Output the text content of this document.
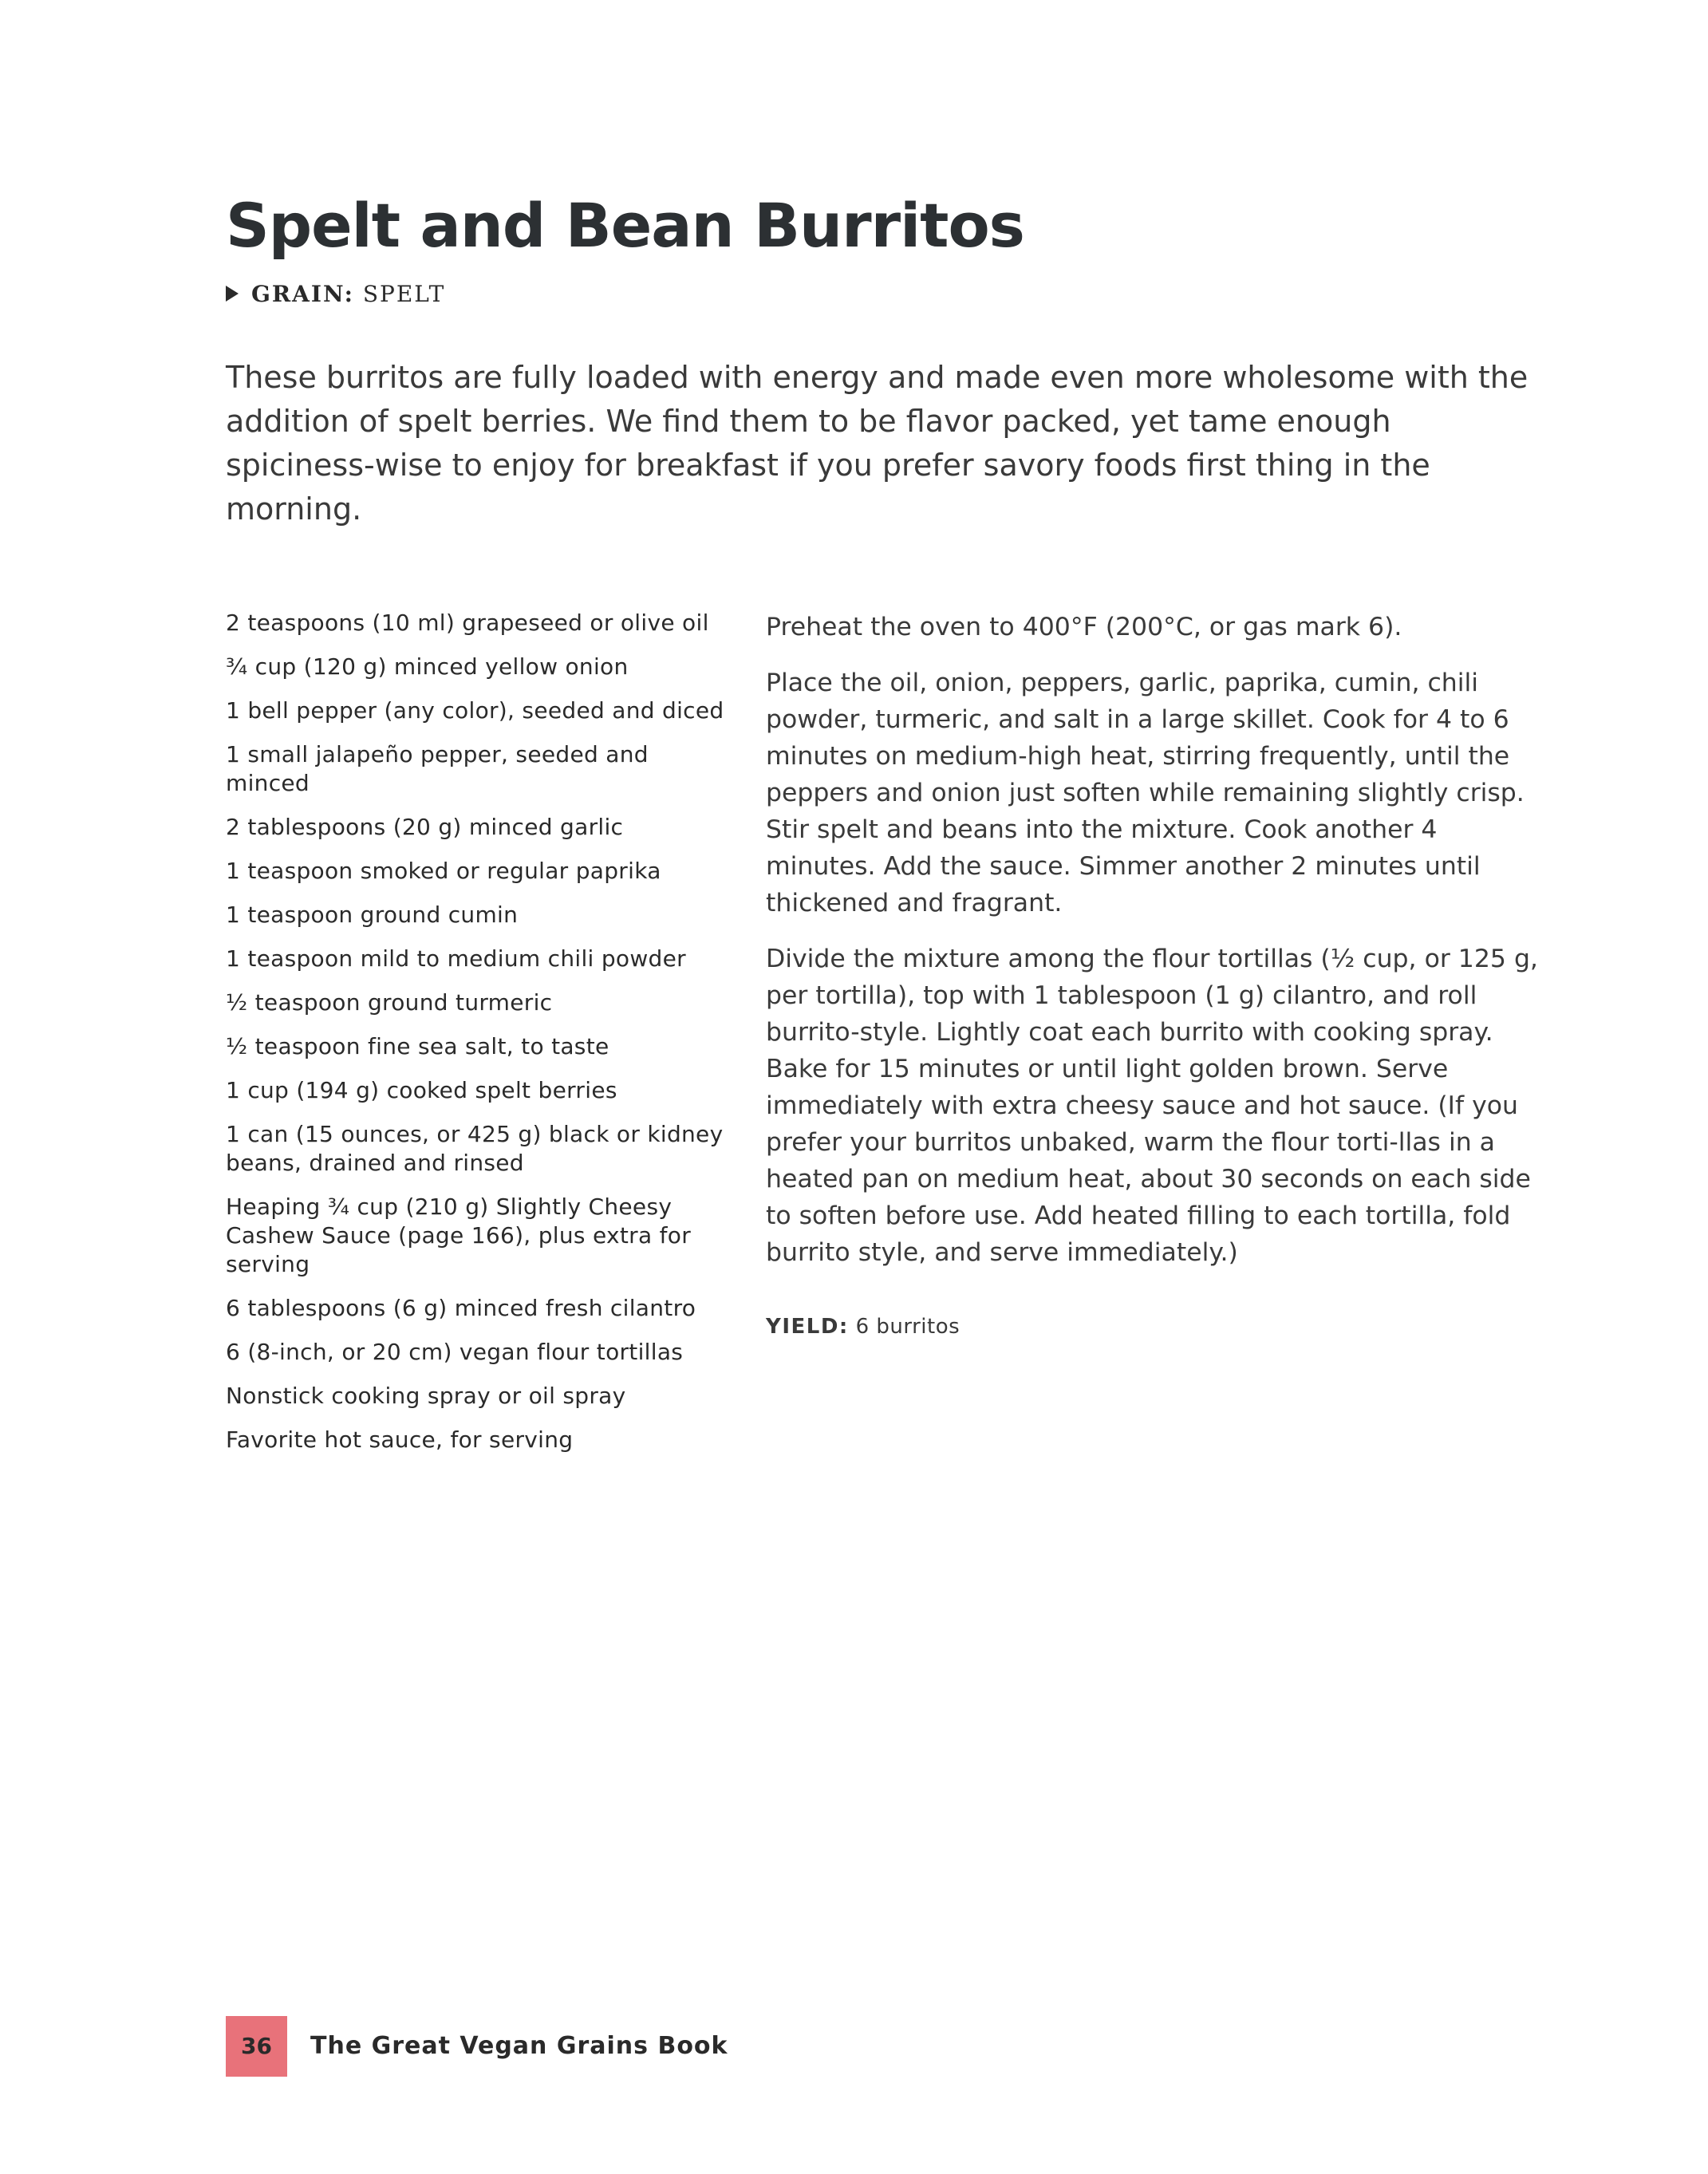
Spelt and Bean Burritos
GRAIN: SPELT

These burritos are fully loaded with energy and made even more wholesome with the addition of spelt berries. We find them to be flavor packed, yet tame enough spiciness-wise to enjoy for breakfast if you prefer savory foods first thing in the morning.

2 teaspoons (10 ml) grapeseed or olive oil
¾ cup (120 g) minced yellow onion
1 bell pepper (any color), seeded and diced
1 small jalapeño pepper, seeded and minced
2 tablespoons (20 g) minced garlic
1 teaspoon smoked or regular paprika
1 teaspoon ground cumin
1 teaspoon mild to medium chili powder
½ teaspoon ground turmeric
½ teaspoon fine sea salt, to taste
1 cup (194 g) cooked spelt berries
1 can (15 ounces, or 425 g) black or kidney beans, drained and rinsed
Heaping ¾ cup (210 g) Slightly Cheesy Cashew Sauce (page 166), plus extra for serving
6 tablespoons (6 g) minced fresh cilantro
6 (8-inch, or 20 cm) vegan flour tortillas
Nonstick cooking spray or oil spray
Favorite hot sauce, for serving

Preheat the oven to 400°F (200°C, or gas mark 6).

Place the oil, onion, peppers, garlic, paprika, cumin, chili powder, turmeric, and salt in a large skillet. Cook for 4 to 6 minutes on medium-high heat, stirring frequently, until the peppers and onion just soften while remaining slightly crisp. Stir spelt and beans into the mixture. Cook another 4 minutes. Add the sauce. Simmer another 2 minutes until thickened and fragrant.

Divide the mixture among the flour tortillas (½ cup, or 125 g, per tortilla), top with 1 tablespoon (1 g) cilantro, and roll burrito-style. Lightly coat each burrito with cooking spray. Bake for 15 minutes or until light golden brown. Serve immediately with extra cheesy sauce and hot sauce. (If you prefer your burritos unbaked, warm the flour torti-llas in a heated pan on medium heat, about 30 seconds on each side to soften before use. Add heated filling to each tortilla, fold burrito style, and serve immediately.)

YIELD: 6 burritos
36	The Great Vegan Grains Book
